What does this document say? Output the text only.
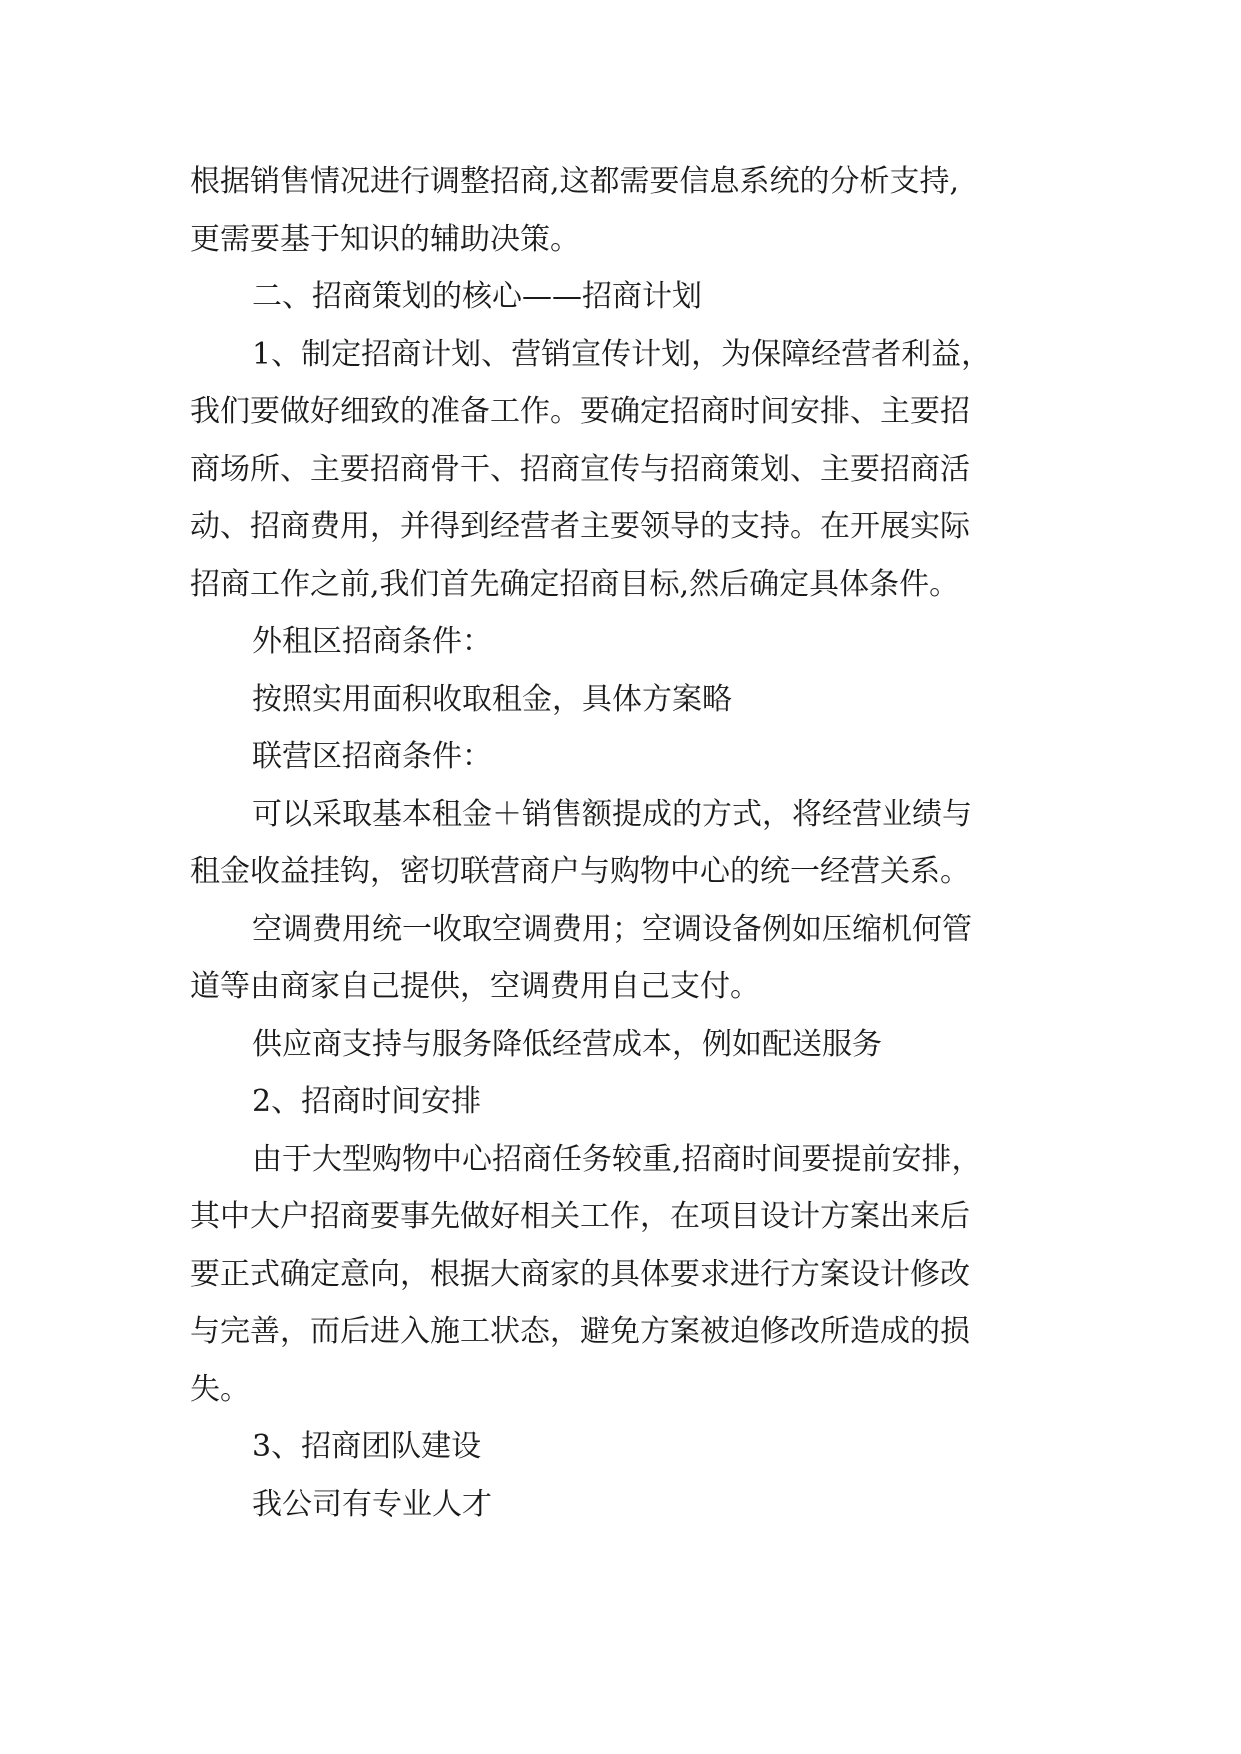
根据销售情况进行调整招商,这都需要信息系统的分析支持,

更需要基于知识的辅助决策。

二、招商策划的核心——招商计划

1、制定招商计划、营销宣传计划，为保障经营者利益，

我们要做好细致的准备工作。要确定招商时间安排、主要招

商场所、主要招商骨干、招商宣传与招商策划、主要招商活

动、招商费用，并得到经营者主要领导的支持。在开展实际

招商工作之前,我们首先确定招商目标,然后确定具体条件。

外租区招商条件：

按照实用面积收取租金，具体方案略

联营区招商条件：

可以采取基本租金＋销售额提成的方式，将经营业绩与

租金收益挂钩，密切联营商户与购物中心的统一经营关系。

空调费用统一收取空调费用；空调设备例如压缩机何管

道等由商家自己提供，空调费用自己支付。

供应商支持与服务降低经营成本，例如配送服务

2、招商时间安排

由于大型购物中心招商任务较重,招商时间要提前安排，

其中大户招商要事先做好相关工作，在项目设计方案出来后

要正式确定意向，根据大商家的具体要求进行方案设计修改

与完善，而后进入施工状态，避免方案被迫修改所造成的损

失。

3、招商团队建设

我公司有专业人才
